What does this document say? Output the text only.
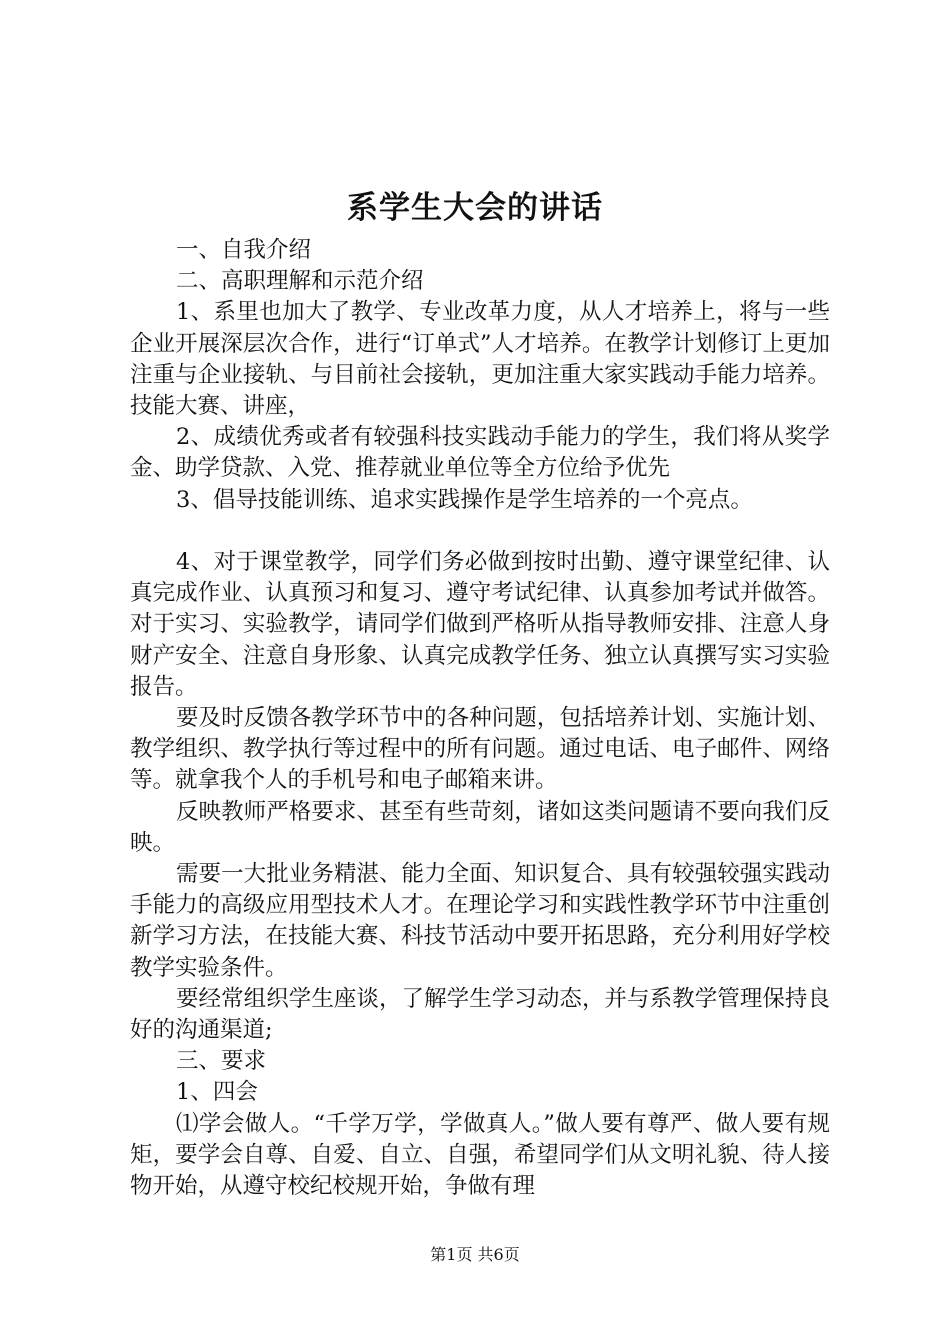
系学生大会的讲话

一、自我介绍

二、高职理解和示范介绍

1、系里也加大了教学、专业改革力度，从人才培养上，将与一些企业开展深层次合作，进行“订单式”人才培养。在教学计划修订上更加注重与企业接轨、与目前社会接轨，更加注重大家实践动手能力培养。技能大赛、讲座，

2、成绩优秀或者有较强科技实践动手能力的学生，我们将从奖学金、助学贷款、入党、推荐就业单位等全方位给予优先

3、倡导技能训练、追求实践操作是学生培养的一个亮点。

4、对于课堂教学，同学们务必做到按时出勤、遵守课堂纪律、认真完成作业、认真预习和复习、遵守考试纪律、认真参加考试并做答。对于实习、实验教学，请同学们做到严格听从指导教师安排、注意人身财产安全、注意自身形象、认真完成教学任务、独立认真撰写实习实验报告。

要及时反馈各教学环节中的各种问题，包括培养计划、实施计划、教学组织、教学执行等过程中的所有问题。通过电话、电子邮件、网络等。就拿我个人的手机号和电子邮箱来讲。

反映教师严格要求、甚至有些苛刻，诸如这类问题请不要向我们反映。

需要一大批业务精湛、能力全面、知识复合、具有较强较强实践动手能力的高级应用型技术人才。在理论学习和实践性教学环节中注重创新学习方法，在技能大赛、科技节活动中要开拓思路，充分利用好学校教学实验条件。

要经常组织学生座谈，了解学生学习动态，并与系教学管理保持良好的沟通渠道;

三、要求

1、四会

⑴学会做人。“千学万学，学做真人。”做人要有尊严、做人要有规矩，要学会自尊、自爱、自立、自强，希望同学们从文明礼貌、待人接物开始，从遵守校纪校规开始，争做有理

第1页 共6页
